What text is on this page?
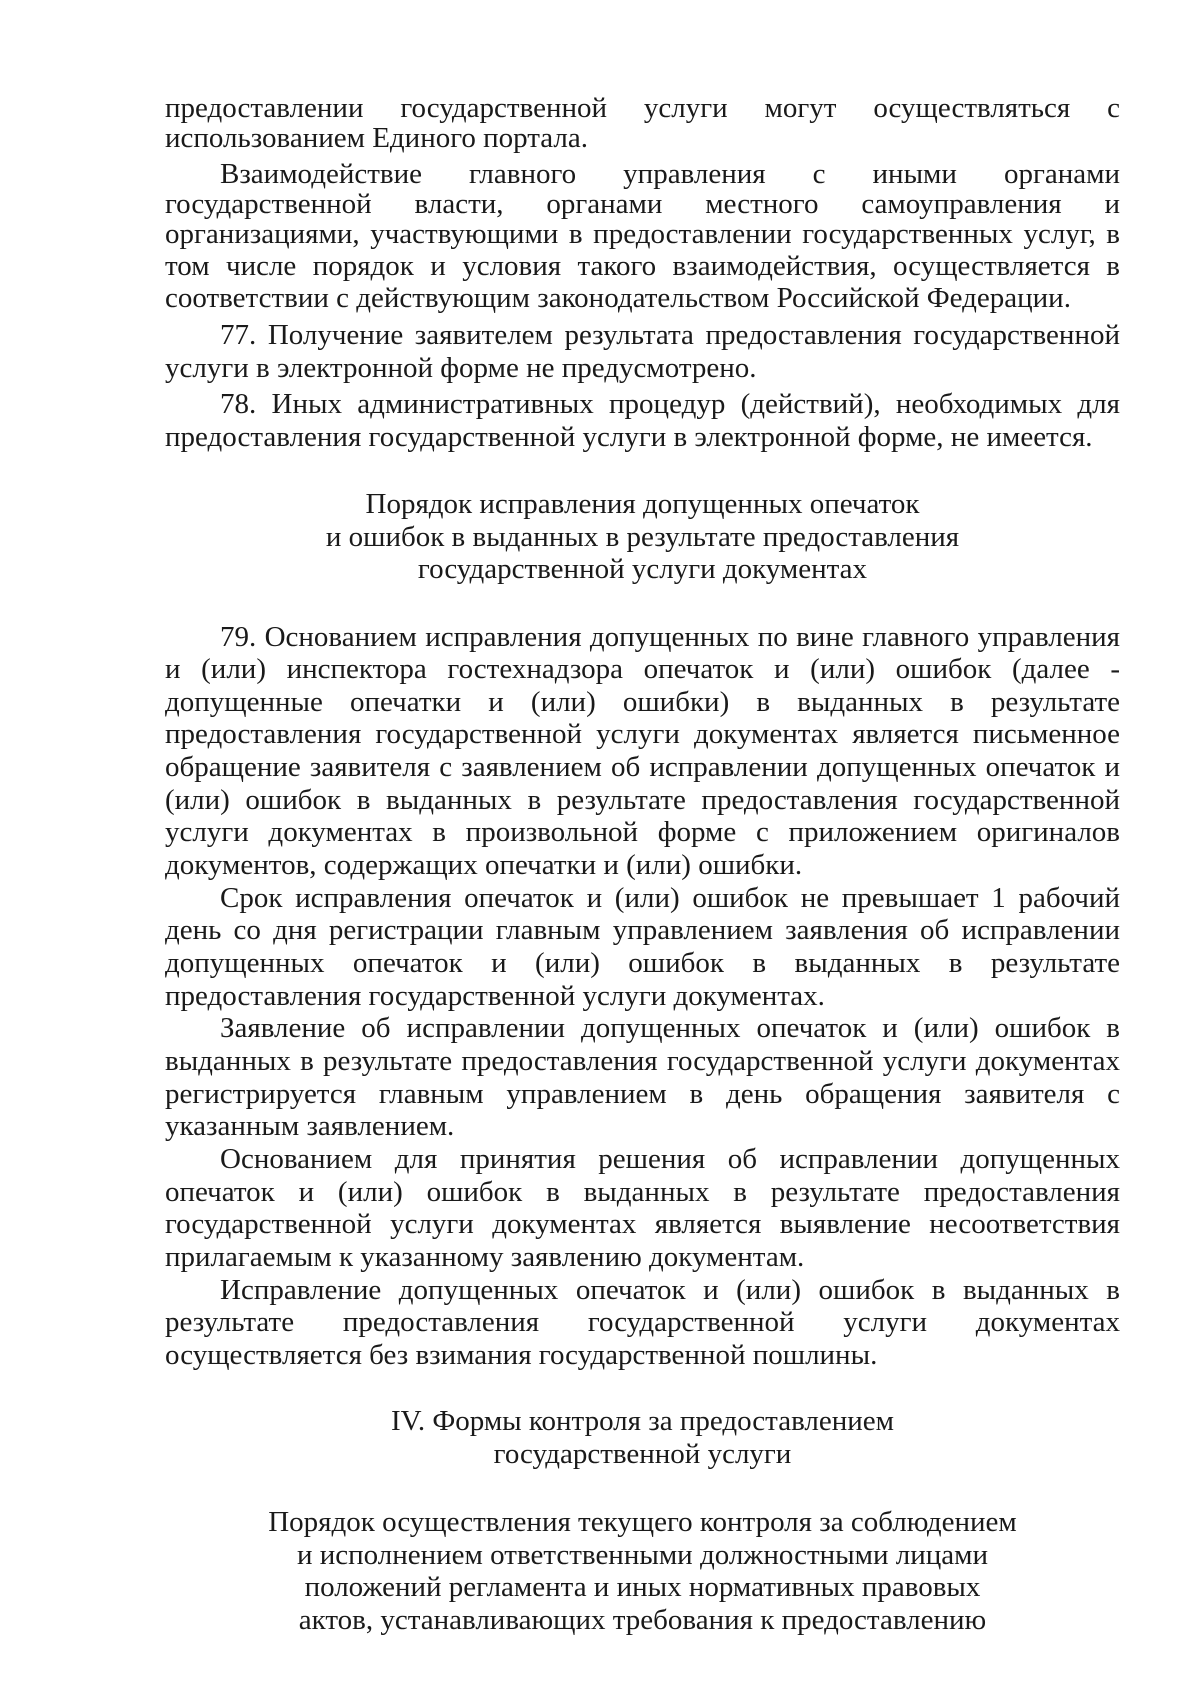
предоставлении государственной услуги могут осуществляться с
использованием Единого портала.
Взаимодействие главного управления с иными органами
государственной власти, органами местного самоуправления и
организациями, участвующими в предоставлении государственных услуг, в
том числе порядок и условия такого взаимодействия, осуществляется в
соответствии с действующим законодательством Российской Федерации.
77. Получение заявителем результата предоставления государственной
услуги в электронной форме не предусмотрено.
78. Иных административных процедур (действий), необходимых для
предоставления государственной услуги в электронной форме, не имеется.
Порядок исправления допущенных опечаток
и ошибок в выданных в результате предоставления
государственной услуги документах
79. Основанием исправления допущенных по вине главного управления
и (или) инспектора гостехнадзора опечаток и (или) ошибок (далее -
допущенные опечатки и (или) ошибки) в выданных в результате
предоставления государственной услуги документах является письменное
обращение заявителя с заявлением об исправлении допущенных опечаток и
(или) ошибок в выданных в результате предоставления государственной
услуги документах в произвольной форме с приложением оригиналов
документов, содержащих опечатки и (или) ошибки.
Срок исправления опечаток и (или) ошибок не превышает 1 рабочий
день со дня регистрации главным управлением заявления об исправлении
допущенных опечаток и (или) ошибок в выданных в результате
предоставления государственной услуги документах.
Заявление об исправлении допущенных опечаток и (или) ошибок в
выданных в результате предоставления государственной услуги документах
регистрируется главным управлением в день обращения заявителя с
указанным заявлением.
Основанием для принятия решения об исправлении допущенных
опечаток и (или) ошибок в выданных в результате предоставления
государственной услуги документах является выявление несоответствия
прилагаемым к указанному заявлению документам.
Исправление допущенных опечаток и (или) ошибок в выданных в
результате предоставления государственной услуги документах
осуществляется без взимания государственной пошлины.
IV. Формы контроля за предоставлением
государственной услуги
Порядок осуществления текущего контроля за соблюдением
и исполнением ответственными должностными лицами
положений регламента и иных нормативных правовых
актов, устанавливающих требования к предоставлению
